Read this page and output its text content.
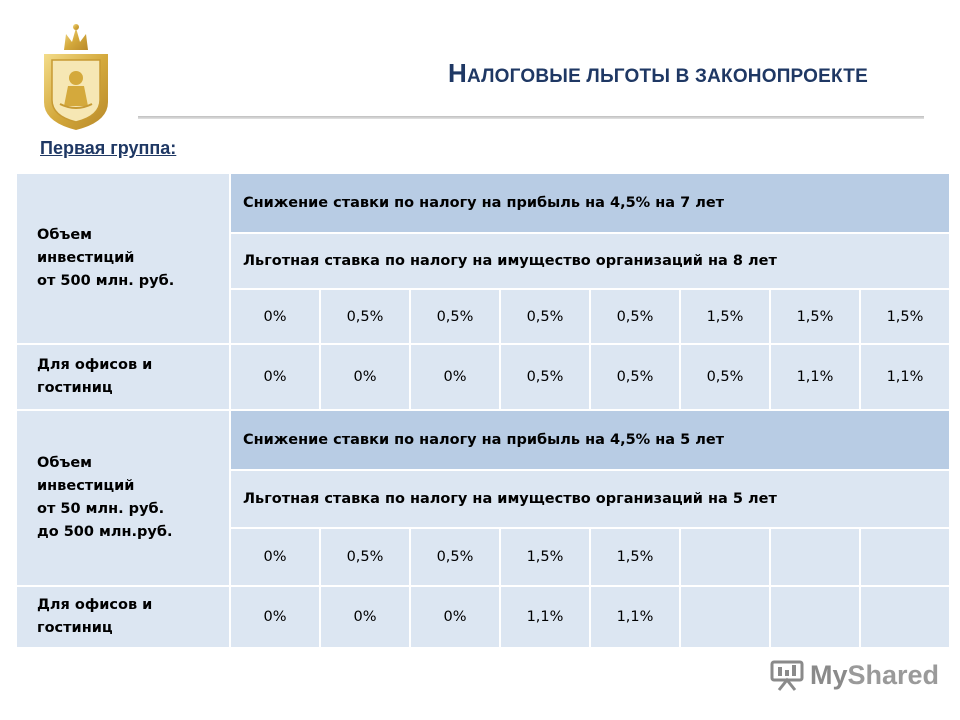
НАЛОГОВЫЕ ЛЬГОТЫ В ЗАКОНОПРОЕКТЕ
Первая группа:
Объем
инвестиций
от 500 млн. руб.	Снижение ставки по налогу на прибыль на 4,5% на 7 лет							
	Льготная ставка по налогу на имущество организаций на 8 лет							
	0%	0,5%	0,5%	0,5%	0,5%	1,5%	1,5%	1,5%

Для офисов и
гостиниц	0%	0%	0%	0,5%	0,5%	0,5%	1,1%	1,1%

Объем
инвестиций
от 50 млн. руб.
до 500 млн.руб.	Снижение ставки по налогу на прибыль на 4,5% на 5 лет							
	Льготная ставка по налогу на имущество организаций на 5 лет							
	0%	0,5%	0,5%	1,5%	1,5%			

Для офисов и
гостиниц	0%	0%	0%	1,1%	1,1%			
MyShared
